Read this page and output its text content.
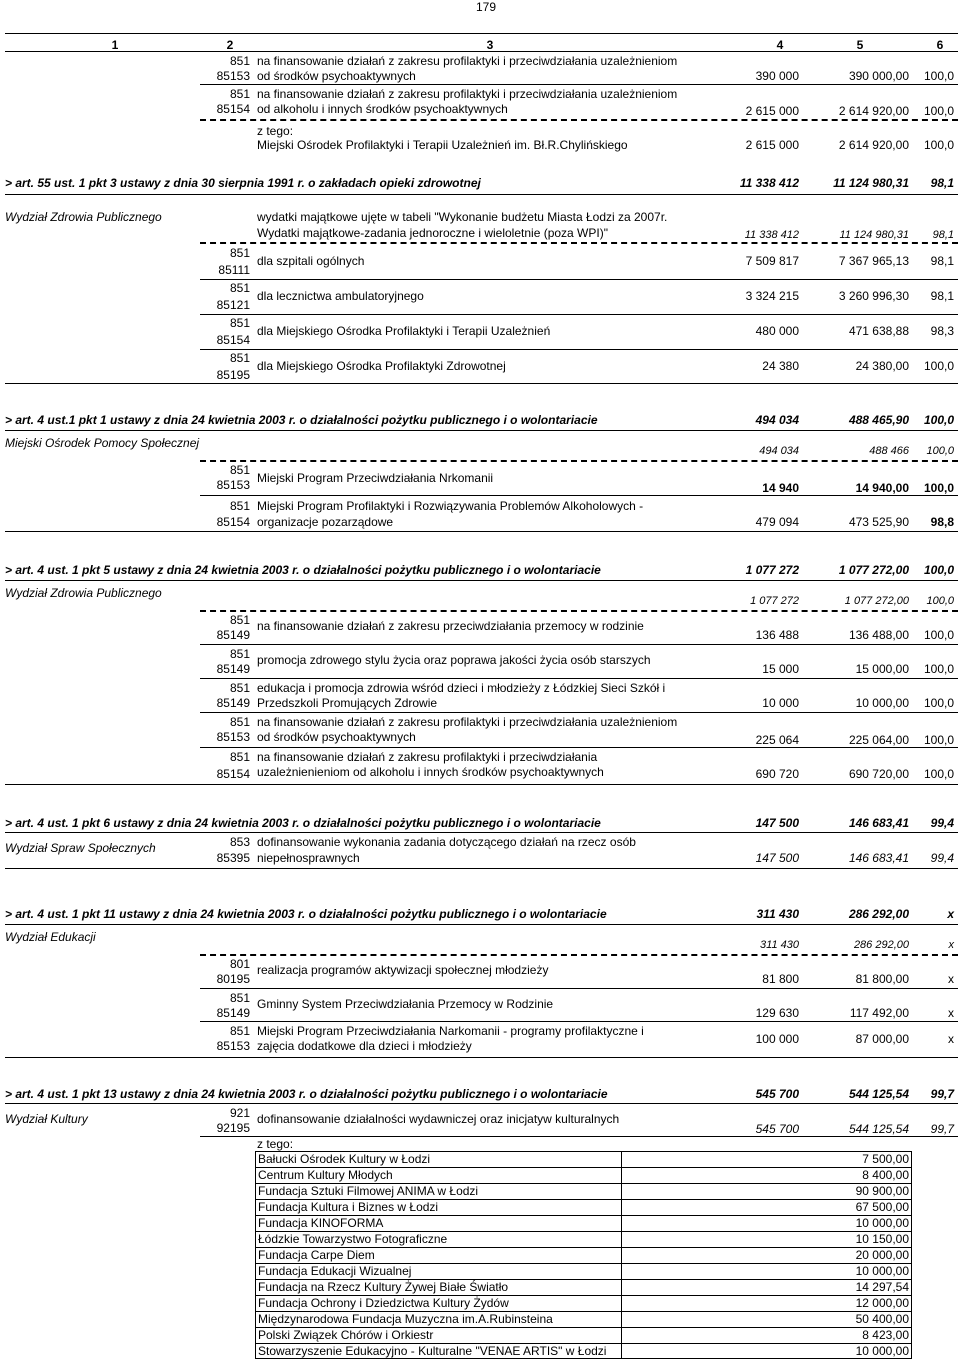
179
1	2	3	4	5	6
851
85153
na finansowanie działań z zakresu profilaktyki i przeciwdziałania uzależnieniom
od środków psychoaktywnych	390 000	390 000,00	100,0
851
85154
na finansowanie działań z zakresu profilaktyki i przeciwdziałania uzależnieniom
od alkoholu i innych środków psychoaktywnych	2 615 000	2 614 920,00	100,0
z tego:
Miejski Ośrodek Profilaktyki i Terapii Uzależnień im. Bł.R.Chylińskiego	2 615 000	2 614 920,00	100,0
> art. 55 ust. 1 pkt 3 ustawy z dnia 30 sierpnia 1991 r. o zakładach opieki zdrowotnej	11 338 412	11 124 980,31	98,1
Wydział Zdrowia Publicznego	wydatki majątkowe ujęte w tabeli "Wykonanie budżetu Miasta Łodzi za 2007r.
Wydatki majątkowe-zadania jednoroczne i wieloletnie (poza WPI)"	11 338 412	11 124 980,31	98,1
851
85111
dla szpitali ogólnych	7 509 817	7 367 965,13	98,1
851
85121
dla lecznictwa ambulatoryjnego	3 324 215	3 260 996,30	98,1
851
85154
dla Miejskiego Ośrodka Profilaktyki i Terapii Uzależnień	480 000	471 638,88	98,3
851
85195
dla Miejskiego Ośrodka Profilaktyki Zdrowotnej	24 380	24 380,00	100,0
> art. 4 ust.1 pkt 1 ustawy z dnia 24 kwietnia 2003 r. o działalności pożytku publicznego i o wolontariacie	494 034	488 465,90	100,0
Miejski Ośrodek Pomocy Społecznej
494 034	488 466	100,0
851
85153 Miejski Program Przeciwdziałania Nrkomanii
14 940	14 940,00	100,0
851
85154
Miejski Program Profilaktyki i Rozwiązywania Problemów Alkoholowych -
organizacje pozarządowe	479 094	473 525,90	98,8
> art. 4 ust. 1 pkt 5 ustawy z dnia 24 kwietnia 2003 r. o działalności pożytku publicznego i o wolontariacie	1 077 272	1 077 272,00	100,0
Wydział Zdrowia Publicznego
1 077 272	1 077 272,00	100,0
851
85149
na finansowanie działań z zakresu przeciwdziałania przemocy w rodzinie
136 488	136 488,00	100,0
851
85149
promocja zdrowego stylu życia oraz poprawa jakości życia osób starszych
15 000	15 000,00	100,0
851
85149
edukacja i promocja zdrowia wśród dzieci i młodzieży z Łódzkiej Sieci Szkół i
Przedszkoli Promujących Zdrowie	10 000	10 000,00	100,0
851
85153
na finansowanie działań z zakresu profilaktyki i przeciwdziałania uzależnieniom
od środków psychoaktywnych	225 064	225 064,00	100,0
851
85154
na finansowanie działań z zakresu profilaktyki i przeciwdziałania
uzależnienieniom od alkoholu i innych środków psychoaktywnych	690 720	690 720,00	100,0
> art. 4 ust. 1 pkt 6 ustawy z dnia 24 kwietnia 2003 r. o działalności pożytku publicznego i o wolontariacie	147 500	146 683,41	99,4
Wydział Spraw Społecznych	853
85395
dofinansowanie wykonania zadania dotyczącego działań na rzecz osób
niepełnosprawnych	147 500	146 683,41	99,4
> art. 4 ust. 1 pkt 11 ustawy z dnia 24 kwietnia 2003 r. o działalności pożytku publicznego i o wolontariacie	311 430	286 292,00	x
Wydział Edukacji
311 430	286 292,00	x
801
80195
realizacja programów aktywizacji społecznej młodzieży
81 800	81 800,00	x
851
85149
Gminny System Przeciwdziałania Przemocy w Rodzinie
129 630	117 492,00	x
851
85153
Miejski Program Przeciwdziałania Narkomanii - programy profilaktyczne i
zajęcia dodatkowe dla dzieci i młodzieży	100 000	87 000,00	x
> art. 4 ust. 1 pkt 13 ustawy z dnia 24 kwietnia 2003 r. o działalności pożytku publicznego i o wolontariacie	545 700	544 125,54	99,7
Wydział Kultury	921
92195
dofinansowanie działalności wydawniczej oraz inicjatyw kulturalnych
545 700	544 125,54	99,7
z tego:
Bałucki Ośrodek Kultury w Łodzi	7 500,00
Centrum Kultury Młodych	8 400,00
Fundacja Sztuki Filmowej ANIMA w Łodzi	90 900,00
Fundacja Kultura i Biznes w Łodzi	67 500,00
Fundacja KINOFORMA	10 000,00
Łódzkie Towarzystwo Fotograficzne	10 150,00
Fundacja Carpe Diem	20 000,00
Fundacja Edukacji Wizualnej	10 000,00
Fundacja na Rzecz Kultury Żywej Białe Światło	14 297,54
Fundacja Ochrony i Dziedzictwa Kultury Żydów	12 000,00
Międzynarodowa Fundacja Muzyczna im.A.Rubinsteina	50 400,00
Polski Związek Chórów i Orkiestr	8 423,00
Stowarzyszenie Edukacyjno - Kulturalne "VENAE ARTIS" w Łodzi	10 000,00
